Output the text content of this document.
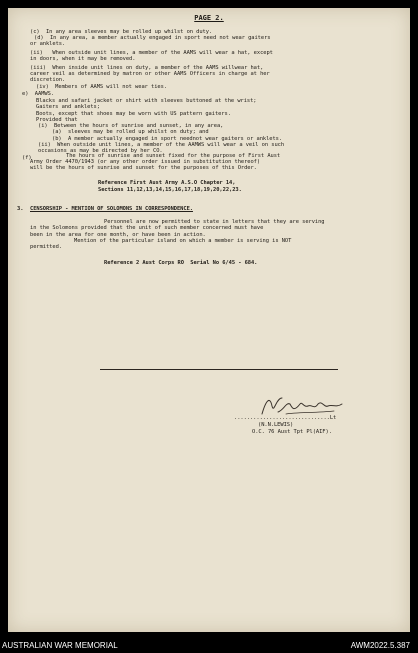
PAGE 2.
(c)  In any area sleeves may be rolled up whilst on duty.
(d)  In any area, a member actually engaged in sport need not wear gaiters
or anklets.
(ii)   When outside unit lines, a member of the AAMS will wear a hat, except
in doors, when it may be removed.
(iii)  When inside unit lines on duty, a member of the AAMS willwear hat,
career veil as determined by matron or other AAMS Officers in charge at her
discretion.
(iv)  Members of AAMS will not wear ties.
e)  AAMWS.
Blacks and safari jacket or shirt with sleeves buttoned at the wrist;
Gaiters and anklets;
Boots, except that shoes may be worn with US pattern gaiters.
Provided that
(i)  Between the hours of sunrise and sunset, in any area,
(a)  sleeves may be rolled up whilst on duty; and
(b)  A member actually engaged in sport neednot wear gaiters or anklets.
(ii)  When outside unit lines, a member of the AAMWS will wear a veil on such
occasions as may be directed by her CO.
(f)	The hours of sunrise and sunset fixed for the purpose of First Aust
Army Order 4470/1943 (or any other order issued in substitution thereof)
will be the hours of sunrise and sunset for the purposes of this Order.
Reference First Aust Army A.S.O Chapter 14,
Sections 11,12,13,14,15,16,17,18,19,20,22,23.
3. CENSORSHIP - MENTION OF SOLOMONS IN CORRESPONDENCE.
Personnel are now permitted to state in letters that they are serving
in the Solomons provided that the unit of such member concerned must have
been in the area for one month, or have been in action.
Mention of the particular island on which a member is serving is NOT
permitted.
Reference 2 Aust Corps RO  Serial No 6/45 - 684.
..............................Lt
(N.N.LEWIS)
O.C. 76 Aust Tpt Pl(AIF).
AUSTRALIAN WAR MEMORIAL	AWM2022.5.387
